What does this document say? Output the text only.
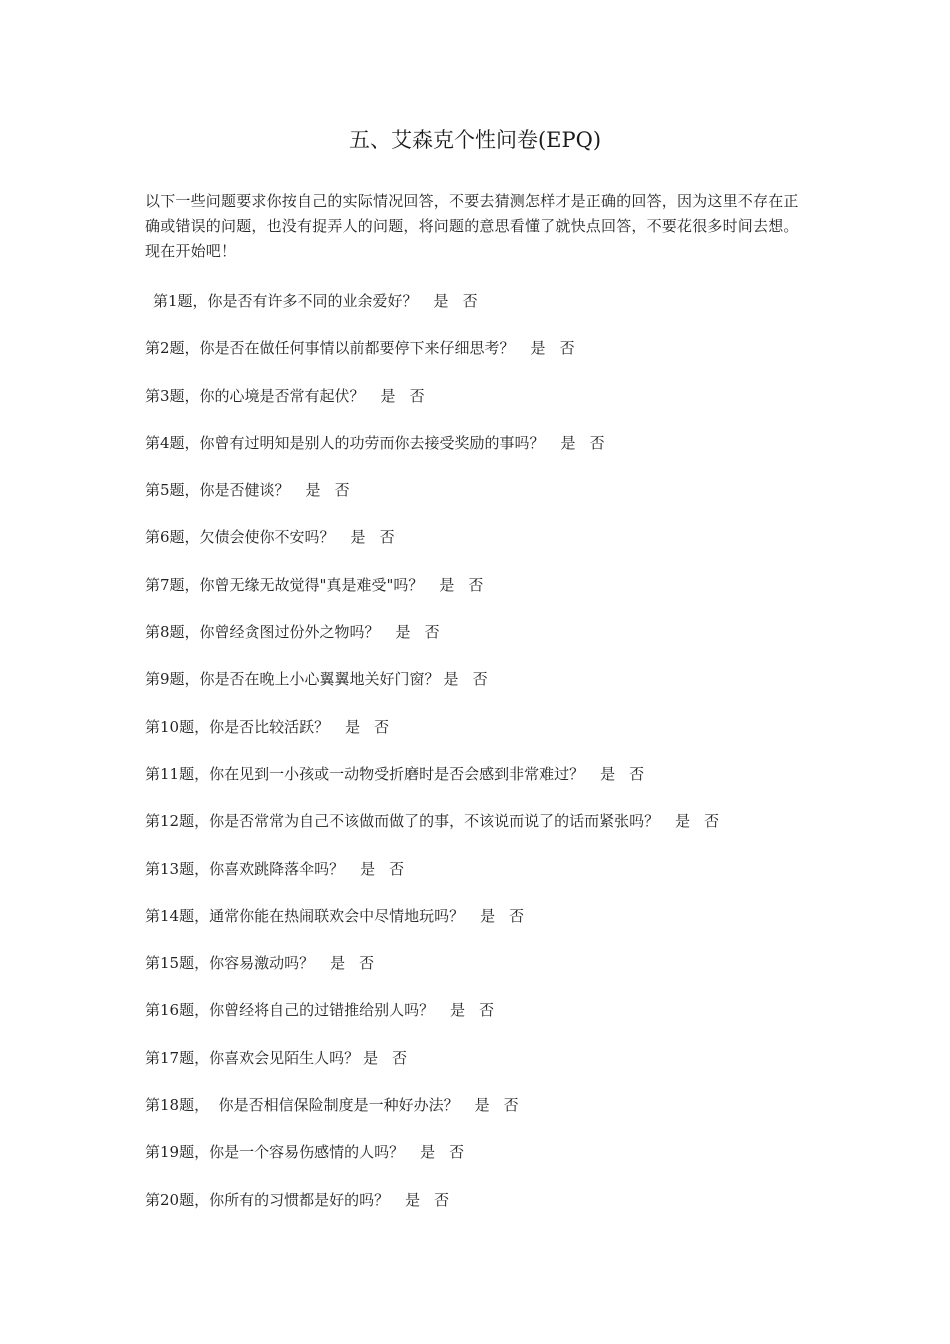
五、艾森克个性问卷(EPQ)
以下一些问题要求你按自己的实际情况回答，不要去猜测怎样才是正确的回答，因为这里不存在正确或错误的问题，也没有捉弄人的问题，将问题的意思看懂了就快点回答，不要花很多时间去想。现在开始吧！
第1题，你是否有许多不同的业余爱好？ 是 否
第2题，你是否在做任何事情以前都要停下来仔细思考？ 是 否
第3题，你的心境是否常有起伏？ 是 否
第4题，你曾有过明知是别人的功劳而你去接受奖励的事吗？ 是 否
第5题，你是否健谈？ 是 否
第6题，欠债会使你不安吗？ 是 否
第7题，你曾无缘无故觉得"真是难受"吗？ 是 否
第8题，你曾经贪图过份外之物吗？ 是 否
第9题，你是否在晚上小心翼翼地关好门窗？ 是 否
第10题，你是否比较活跃？ 是 否
第11题，你在见到一小孩或一动物受折磨时是否会感到非常难过？ 是 否
第12题，你是否常常为自己不该做而做了的事，不该说而说了的话而紧张吗？ 是 否
第13题，你喜欢跳降落伞吗？ 是 否
第14题，通常你能在热闹联欢会中尽情地玩吗？ 是 否
第15题，你容易激动吗？ 是 否
第16题，你曾经将自己的过错推给别人吗？ 是 否
第17题，你喜欢会见陌生人吗？ 是 否
第18题，  你是否相信保险制度是一种好办法？ 是 否
第19题，你是一个容易伤感情的人吗？ 是 否
第20题，你所有的习惯都是好的吗？ 是 否
